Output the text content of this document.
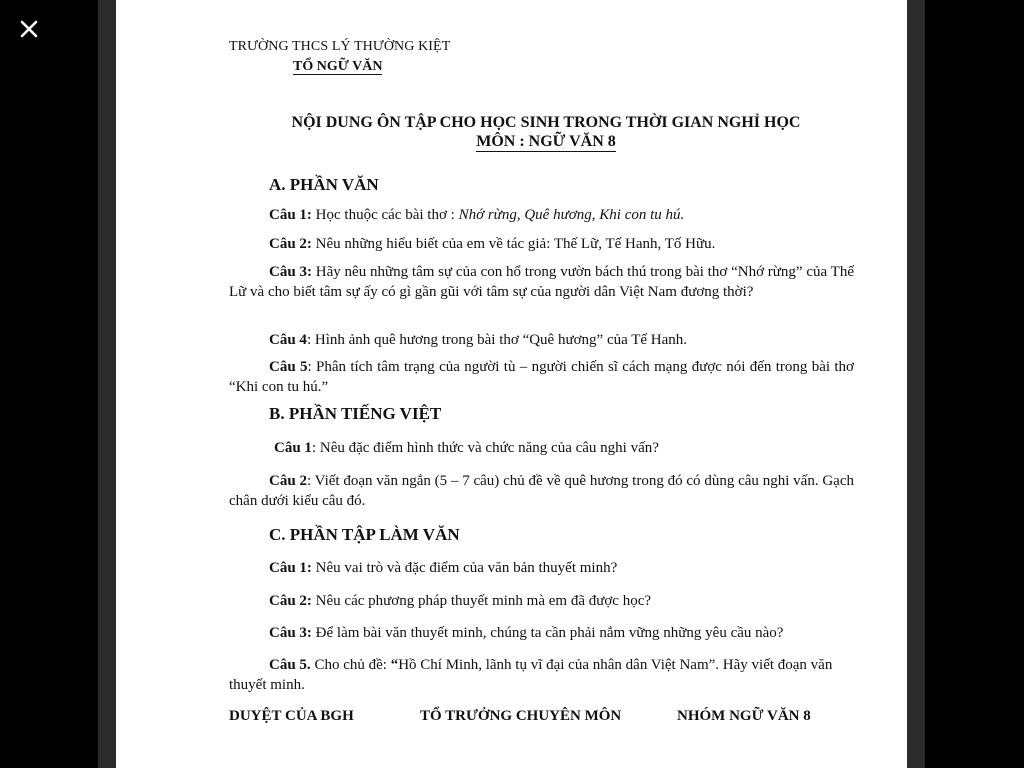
TRƯỜNG THCS LÝ THƯỜNG KIỆT
TỔ NGỮ VĂN
NỘI DUNG ÔN TẬP CHO HỌC SINH TRONG THỜI GIAN NGHỈ HỌC
MÔN : NGỮ VĂN 8
A. PHẦN VĂN
Câu 1: Học thuộc các bài thơ : Nhớ rừng, Quê hương, Khi con tu hú.
Câu 2: Nêu những hiểu biết của em về tác giả: Thế Lữ, Tế Hanh, Tố Hữu.
Câu 3: Hãy nêu những tâm sự của con hổ trong vườn bách thú trong bài thơ “Nhớ rừng” của Thế Lữ và cho biết tâm sự ấy có gì gần gũi với tâm sự của người dân Việt Nam đương thời?
Câu 4: Hình ảnh quê hương trong bài thơ “Quê hương” của Tế Hanh.
Câu 5: Phân tích tâm trạng của người tù – người chiến sĩ cách mạng được nói đến trong bài thơ “Khi con tu hú.”
B. PHẦN TIẾNG VIỆT
Câu 1: Nêu đặc điểm hình thức và chức năng của câu nghi vấn?
Câu 2: Viết đoạn văn ngắn (5 – 7 câu) chủ đề về quê hương trong đó có dùng câu nghi vấn. Gạch chân dưới kiểu câu đó.
C. PHẦN TẬP LÀM VĂN
Câu 1: Nêu vai trò và đặc điểm của văn bản thuyết minh?
Câu 2: Nêu các phương pháp thuyết minh mà em đã được học?
Câu 3: Để làm bài văn thuyết minh, chúng ta cần phải nắm vững những yêu cầu nào?
Câu 5. Cho chủ đề: “Hồ Chí Minh, lãnh tụ vĩ đại của nhân dân Việt Nam”. Hãy viết đoạn văn thuyết minh.
DUYỆT CỦA BGH	TỔ TRƯỞNG CHUYÊN MÔN	NHÓM NGỮ VĂN 8
